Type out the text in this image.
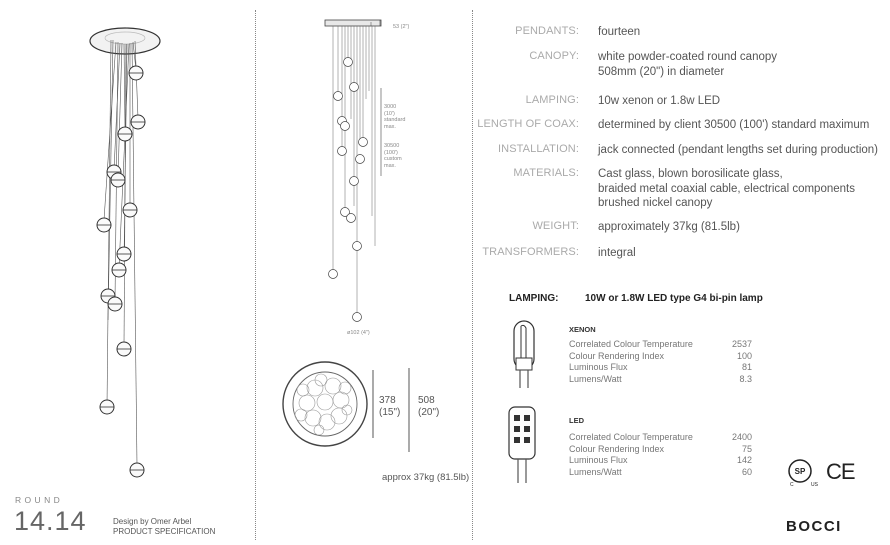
53 (2")
3000
(10')
standard
max.
30500
(100')
custom
max.
ø102 (4")
378
(15")
508
(20")
approx 37kg (81.5lb)
PENDANTS: fourteen
CANOPY: white powder-coated round canopy
508mm (20") in diameter
LAMPING: 10w xenon or 1.8w LED
LENGTH OF COAX: determined by client 30500 (100') standard maximum
INSTALLATION: jack connected (pendant lengths set during production)
MATERIALS: Cast glass, blown borosilicate glass,
braided metal coaxial cable, electrical components
brushed nickel canopy
WEIGHT: approximately 37kg (81.5lb)
TRANSFORMERS: integral
LAMPING:	10W or 1.8W LED type G4 bi-pin lamp
XENON
Correlated Colour Temperature	2537
Colour Rendering Index	100
Luminous Flux	81
Lumens/Watt	8.3
LED
Correlated Colour Temperature	2400
Colour Rendering Index	75
Luminous Flux	142
Lumens/Watt	60	SP
C	US
CE
ROUND
14.14	Design by Omer Arbel
PRODUCT SPECIFICATION	BOCCI
